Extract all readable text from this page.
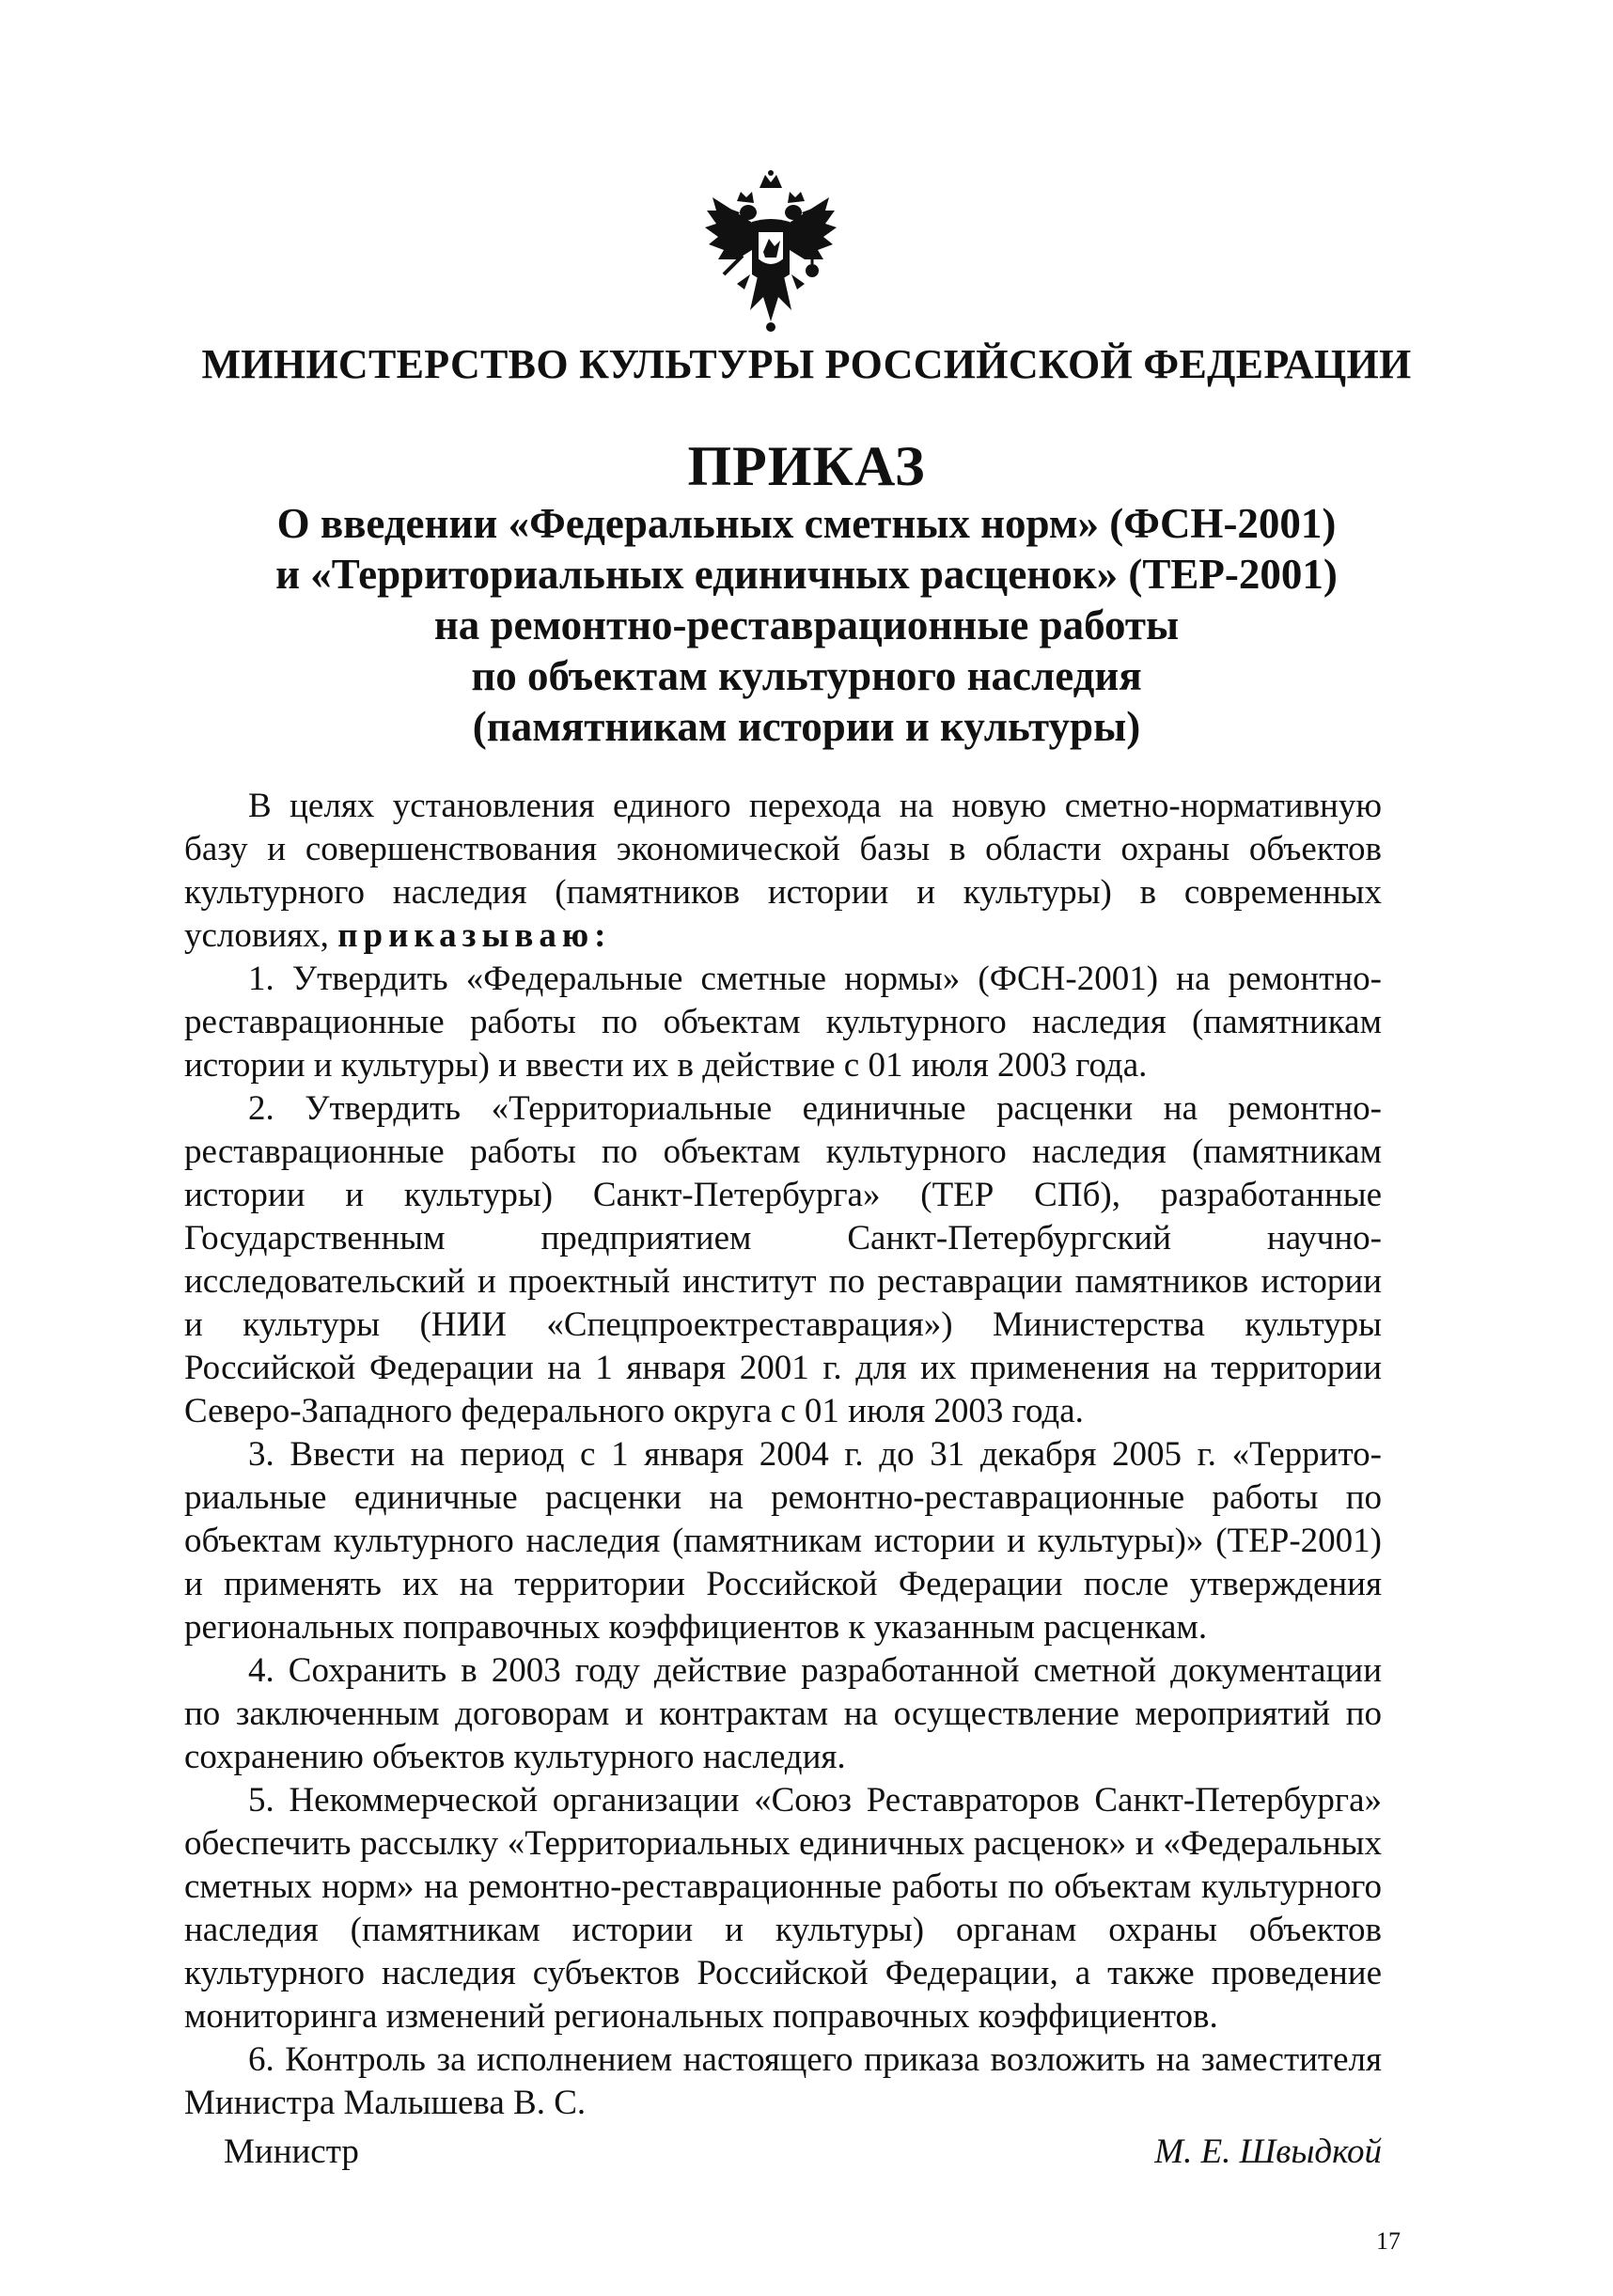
МИНИСТЕРСТВО КУЛЬТУРЫ РОССИЙСКОЙ ФЕДЕРАЦИИ
ПРИКАЗ
О введении «Федеральных сметных норм» (ФСН-2001)
и «Территориальных единичных расценок» (ТЕР-2001)
на ремонтно-реставрационные работы
по объектам культурного наследия
(памятникам истории и культуры)

В целях установления единого перехода на новую сметно-нормативную базу и совершенствования экономической базы в области охраны объектов культурного наследия (памятников истории и культуры) в современных условиях, приказываю:

1. Утвердить «Федеральные сметные нормы» (ФСН-2001) на ремонтно-реставрационные работы по объектам культурного наследия (памятникам истории и культуры) и ввести их в действие с 01 июля 2003 года.

2. Утвердить «Территориальные единичные расценки на ремонтно-реставрационные работы по объектам культурного наследия (памятникам истории и культуры) Санкт-Петербурга» (ТЕР СПб), разработанные Государственным предприятием Санкт-Петербургский научно-исследовательский и проектный институт по реставрации памятников истории и культуры (НИИ «Спецпроектреставрация») Министерства культуры Российской Федерации на 1 января 2001 г. для их применения на территории Северо-Западного федерального округа с 01 июля 2003 года.

3. Ввести на период с 1 января 2004 г. до 31 декабря 2005 г. «Территориальные единичные расценки на ремонтно-реставрационные работы по объектам культурного наследия (памятникам истории и культуры)» (ТЕР-2001) и применять их на территории Российской Федерации после утверждения региональных поправочных коэффициентов к указанным расценкам.

4. Сохранить в 2003 году действие разработанной сметной документации по заключенным договорам и контрактам на осуществление мероприятий по сохранению объектов культурного наследия.

5. Некоммерческой организации «Союз Реставраторов Санкт-Петербурга» обеспечить рассылку «Территориальных единичных расценок» и «Федеральных сметных норм» на ремонтно-реставрационные работы по объектам культурного наследия (памятникам истории и культуры) органам охраны объектов культурного наследия субъектов Российской Федерации, а также проведение мониторинга изменений региональных поправочных коэффициентов.

6. Контроль за исполнением настоящего приказа возложить на заместителя Министра Малышева В. С.

Министр	М. Е. Швыдкой
17
